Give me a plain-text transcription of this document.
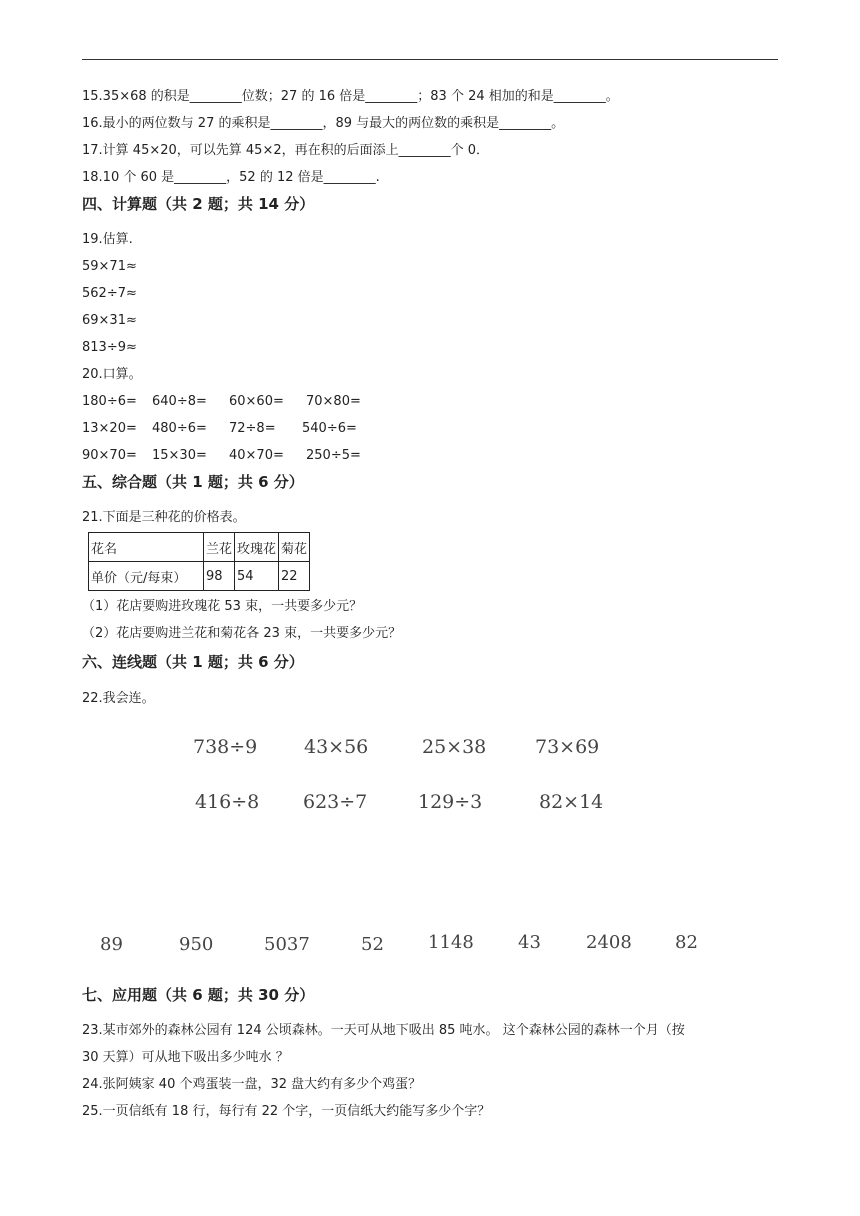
15.35×68 的积是________位数；27 的 16 倍是________；83 个 24 相加的和是________。
16.最小的两位数与 27 的乘积是________，89 与最大的两位数的乘积是________。
17.计算 45×20，可以先算 45×2，再在积的后面添上________个 0．
18.10 个 60 是________，52 的 12 倍是________.
四、计算题（共 2 题；共 14 分）
19.估算.
59×71≈
562÷7≈
69×31≈
813÷9≈
20.口算。
180÷6= 640÷8= 60×60= 70×80=
13×20= 480÷6= 72÷8= 540÷6=
90×70= 15×30= 40×70= 250÷5=
五、综合题（共 1 题；共 6 分）
21.下面是三种花的价格表。
花名	兰花	玫瑰花	菊花
单价（元/每束）	98	54	22
（1）花店要购进玫瑰花 53 束，一共要多少元？
（2）花店要购进兰花和菊花各 23 束，一共要多少元？
六、连线题（共 1 题；共 6 分）
22.我会连。
738÷9 43×56	25×38	73×69
416÷8 623÷7	129÷3	82×14
89	950	5037	52 1148 43	2408 82
七、应用题（共 6 题；共 30 分）
23.某市郊外的森林公园有 124 公顷森林。一天可从地下吸出 85 吨水。 这个森林公园的森林一个月（按
30 天算）可从地下吸出多少吨水 ？
24.张阿姨家 40 个鸡蛋装一盘，32 盘大约有多少个鸡蛋？
25.一页信纸有 18 行，每行有 22 个字，一页信纸大约能写多少个字？
